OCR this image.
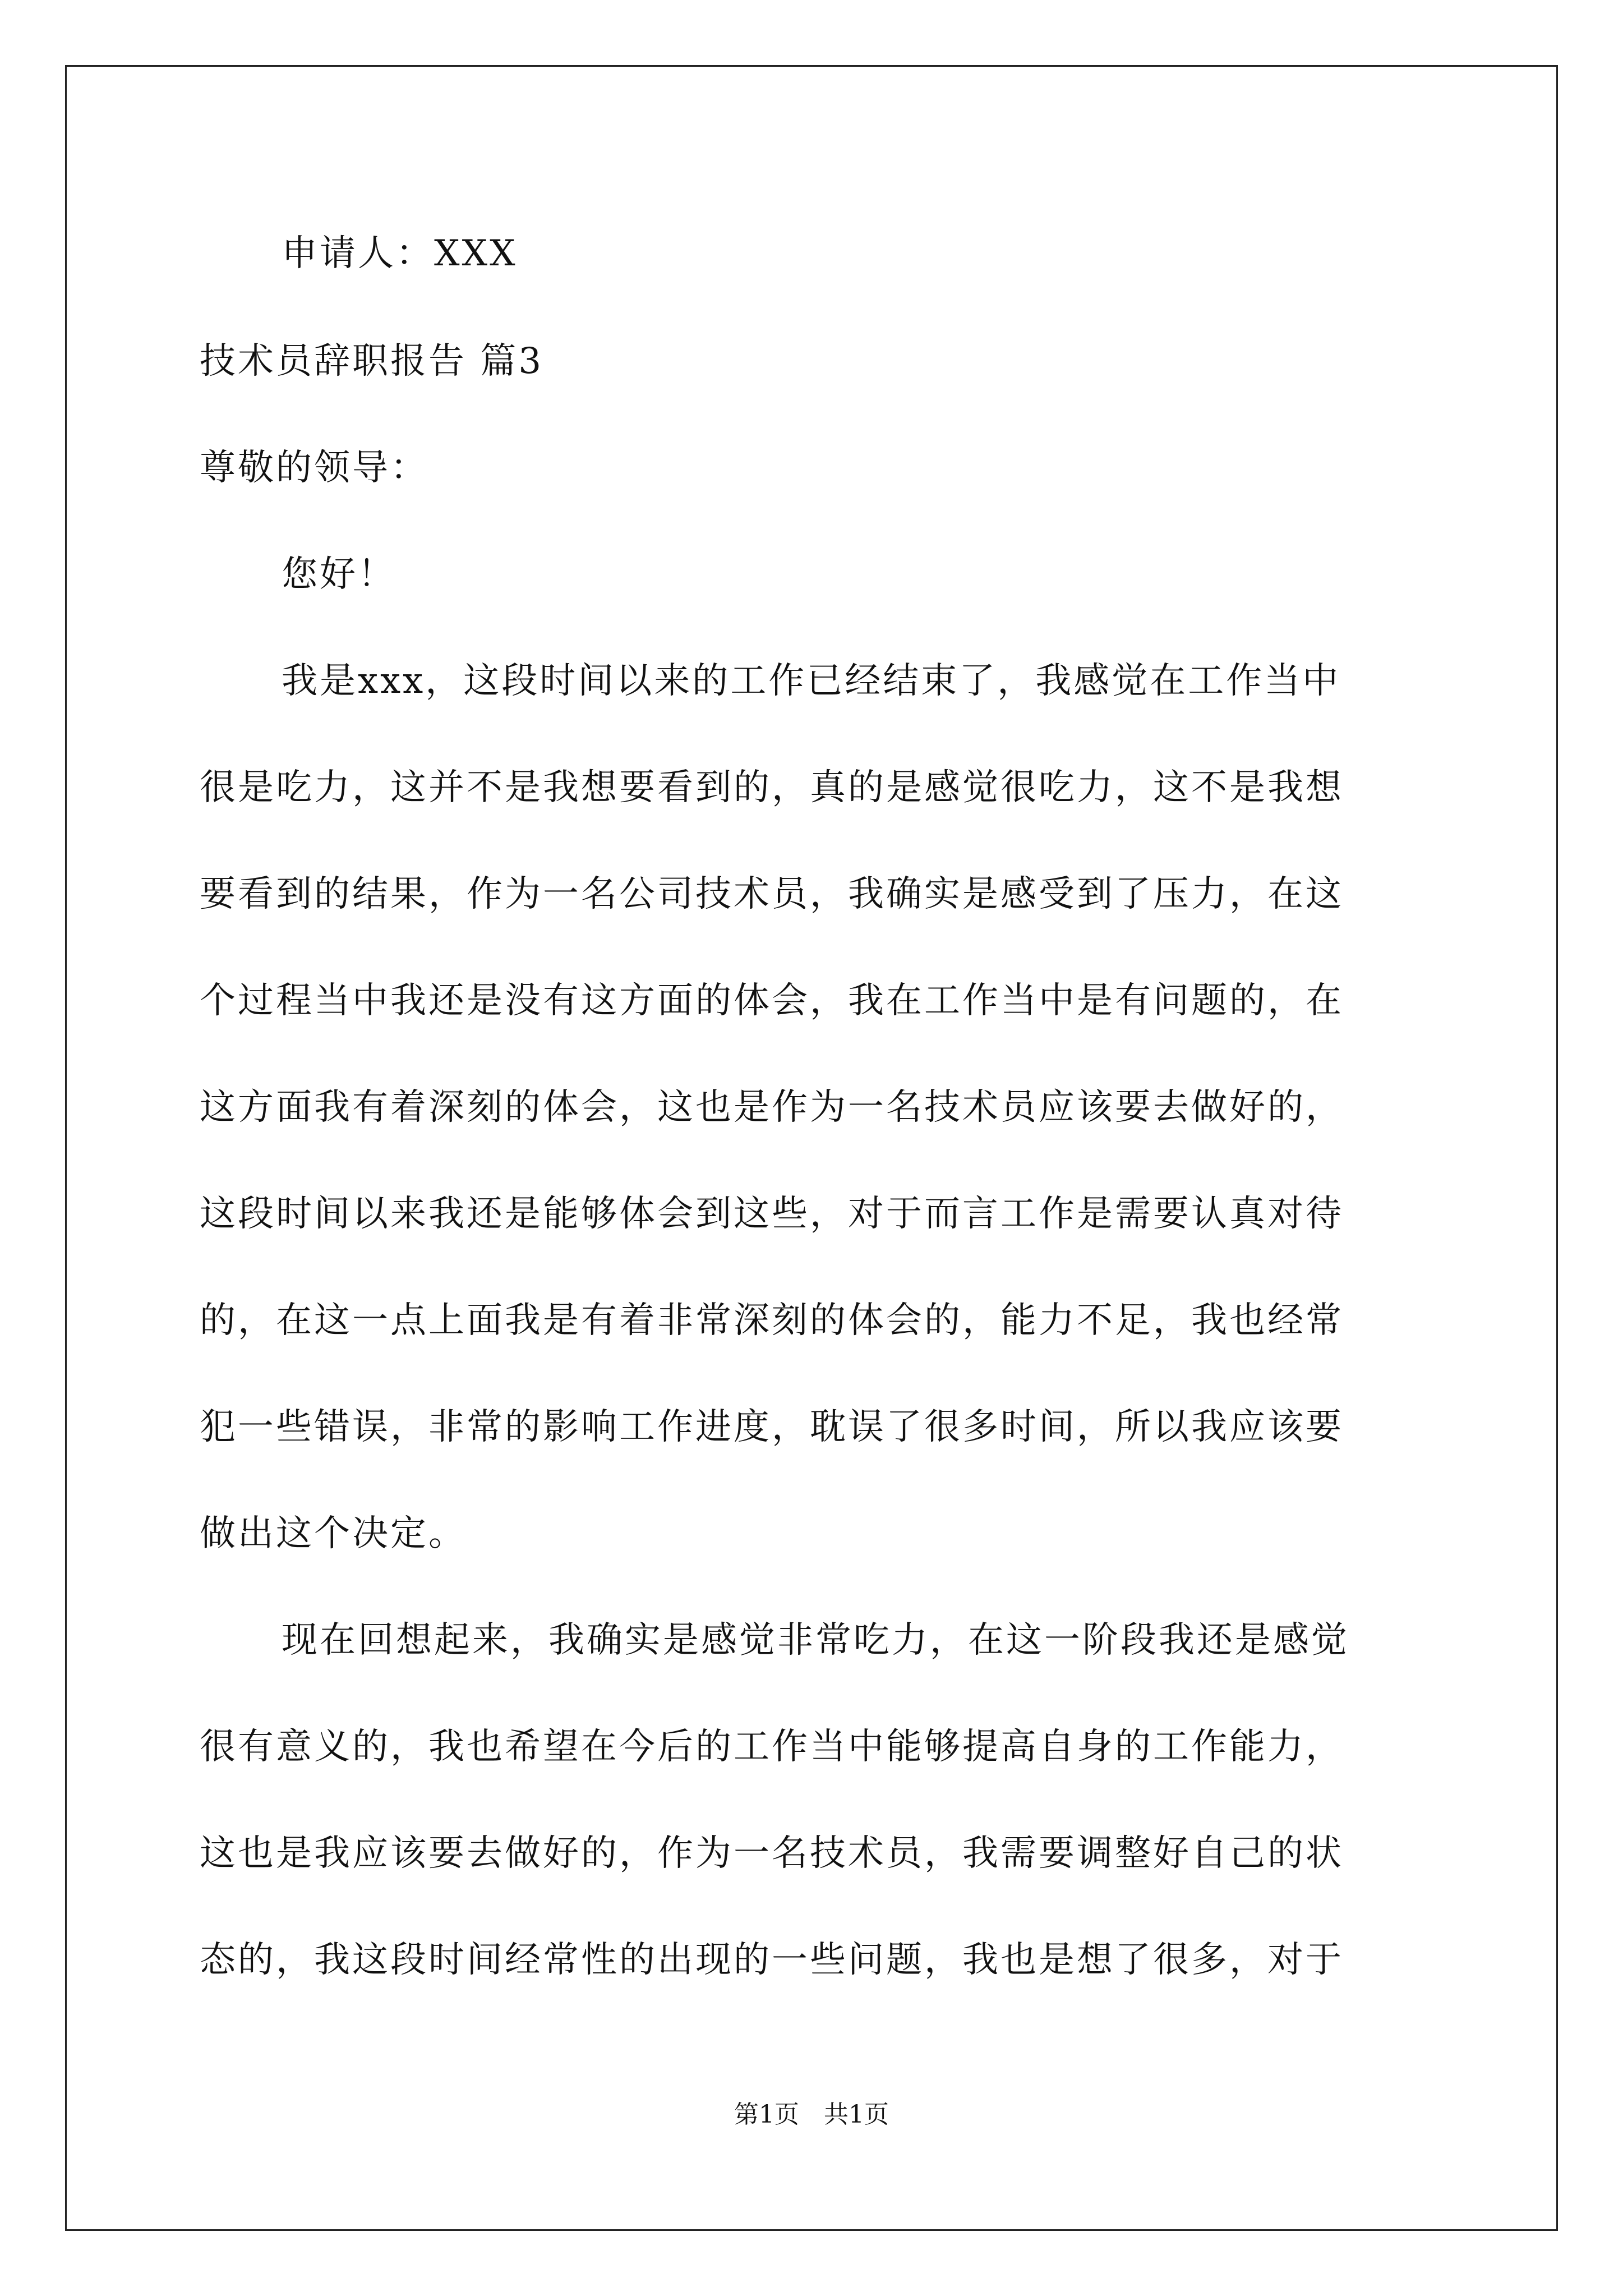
申请人：XXX
技术员辞职报告 篇3
尊敬的领导：
您好！
我是xxx，这段时间以来的工作已经结束了，我感觉在工作当中
很是吃力，这并不是我想要看到的，真的是感觉很吃力，这不是我想
要看到的结果，作为一名公司技术员，我确实是感受到了压力，在这
个过程当中我还是没有这方面的体会，我在工作当中是有问题的，在
这方面我有着深刻的体会，这也是作为一名技术员应该要去做好的，
这段时间以来我还是能够体会到这些，对于而言工作是需要认真对待
的，在这一点上面我是有着非常深刻的体会的，能力不足，我也经常
犯一些错误，非常的影响工作进度，耽误了很多时间，所以我应该要
做出这个决定。
现在回想起来，我确实是感觉非常吃力，在这一阶段我还是感觉
很有意义的，我也希望在今后的工作当中能够提高自身的工作能力，
这也是我应该要去做好的，作为一名技术员，我需要调整好自己的状
态的，我这段时间经常性的出现的一些问题，我也是想了很多，对于
第1页　共1页
